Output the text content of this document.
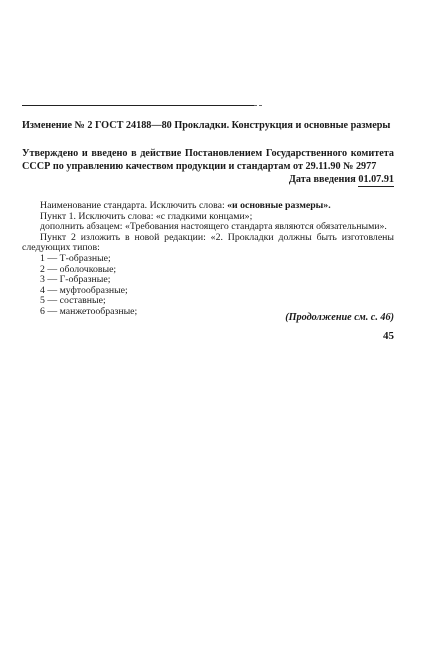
Изменение № 2 ГОСТ 24188—80 Прокладки. Конструкция и основные размеры
Утверждено и введено в действие Постановлением Государственного комитета СССР по управлению качеством продукции и стандартам от 29.11.90 № 2977
Дата введения 01.07.91
Наименование стандарта. Исключить слова: «и основные размеры».
Пункт 1. Исключить слова: «с гладкими концами»;
дополнить абзацем: «Требования настоящего стандарта являются обязательными».
Пункт 2 изложить в новой редакции: «2. Прокладки должны быть изготовлены следующих типов:
1 — Т-образные;
2 — оболочковые;
3 — Г-образные;
4 — муфтообразные;
5 — составные;
6 — манжетообразные;
(Продолжение см. с. 46)
45
